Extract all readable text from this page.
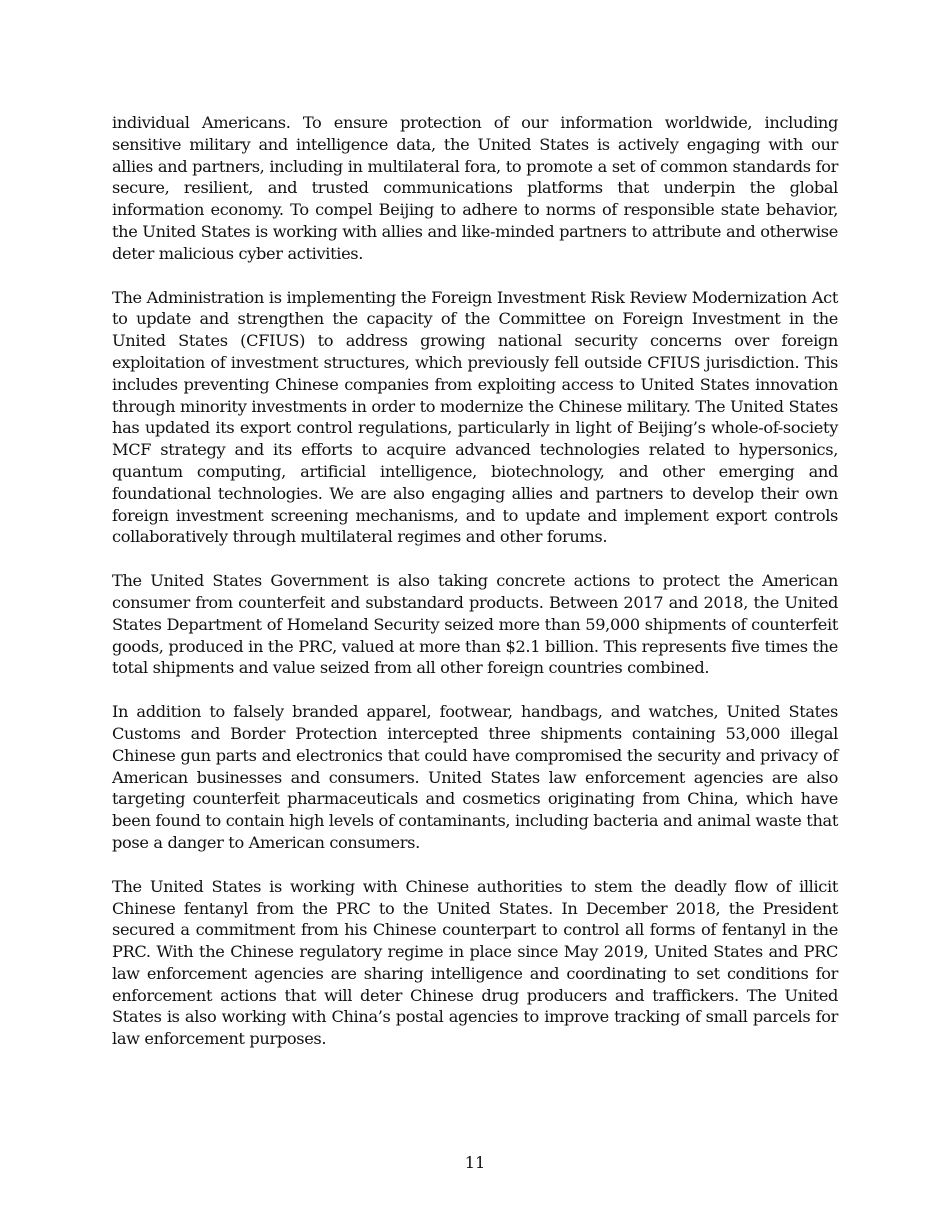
individual Americans. To ensure protection of our information worldwide, including sensitive military and intelligence data, the United States is actively engaging with our allies and partners, including in multilateral fora, to promote a set of common standards for secure, resilient, and trusted communications platforms that underpin the global information economy. To compel Beijing to adhere to norms of responsible state behavior, the United States is working with allies and like-minded partners to attribute and otherwise deter malicious cyber activities.

The Administration is implementing the Foreign Investment Risk Review Modernization Act to update and strengthen the capacity of the Committee on Foreign Investment in the United States (CFIUS) to address growing national security concerns over foreign exploitation of investment structures, which previously fell outside CFIUS jurisdiction. This includes preventing Chinese companies from exploiting access to United States innovation through minority investments in order to modernize the Chinese military. The United States has updated its export control regulations, particularly in light of Beijing’s whole-of-society MCF strategy and its efforts to acquire advanced technologies related to hypersonics, quantum computing, artificial intelligence, biotechnology, and other emerging and foundational technologies. We are also engaging allies and partners to develop their own foreign investment screening mechanisms, and to update and implement export controls collaboratively through multilateral regimes and other forums.

The United States Government is also taking concrete actions to protect the American consumer from counterfeit and substandard products. Between 2017 and 2018, the United States Department of Homeland Security seized more than 59,000 shipments of counterfeit goods, produced in the PRC, valued at more than $2.1 billion. This represents five times the total shipments and value seized from all other foreign countries combined.

In addition to falsely branded apparel, footwear, handbags, and watches, United States Customs and Border Protection intercepted three shipments containing 53,000 illegal Chinese gun parts and electronics that could have compromised the security and privacy of American businesses and consumers. United States law enforcement agencies are also targeting counterfeit pharmaceuticals and cosmetics originating from China, which have been found to contain high levels of contaminants, including bacteria and animal waste that pose a danger to American consumers.

The United States is working with Chinese authorities to stem the deadly flow of illicit Chinese fentanyl from the PRC to the United States. In December 2018, the President secured a commitment from his Chinese counterpart to control all forms of fentanyl in the PRC. With the Chinese regulatory regime in place since May 2019, United States and PRC law enforcement agencies are sharing intelligence and coordinating to set conditions for enforcement actions that will deter Chinese drug producers and traffickers. The United States is also working with China’s postal agencies to improve tracking of small parcels for law enforcement purposes.

11
